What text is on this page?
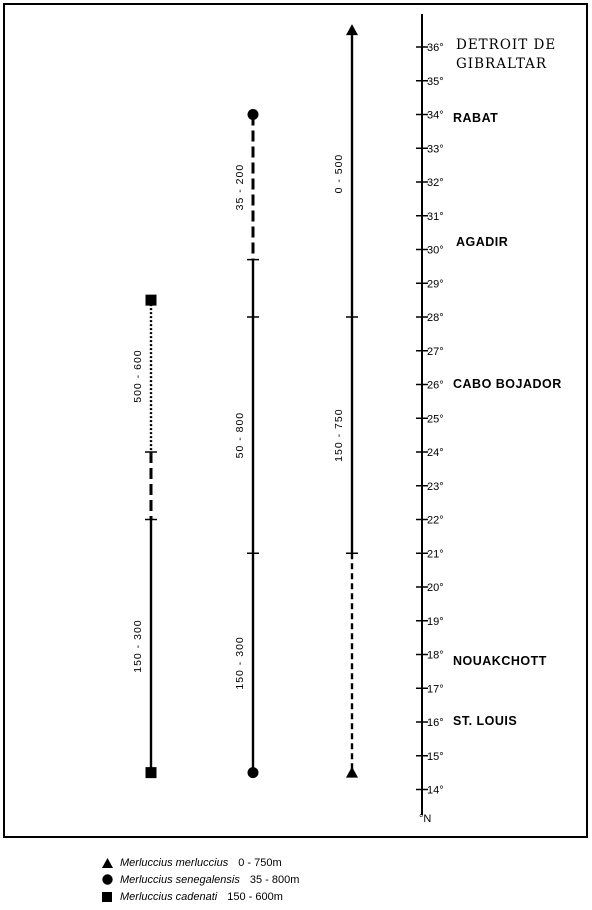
36°
35°
34°
33°
32°
31°
30°
29°
28°
27°
26°
25°
24°
23°
22°
21°
20°
19°
18°
17°
16°
15°
14°
°N
DETROIT DE
GIBRALTAR
RABAT
AGADIR
CABO BOJADOR
NOUAKCHOTT
ST. LOUIS
0 - 500
150 - 750
35 - 200
50 - 800
150 - 300
500 - 600
150 - 300
Merluccius merluccius 0 - 750m
Merluccius senegalensis 35 - 800m
Merluccius cadenati 150 - 600m
